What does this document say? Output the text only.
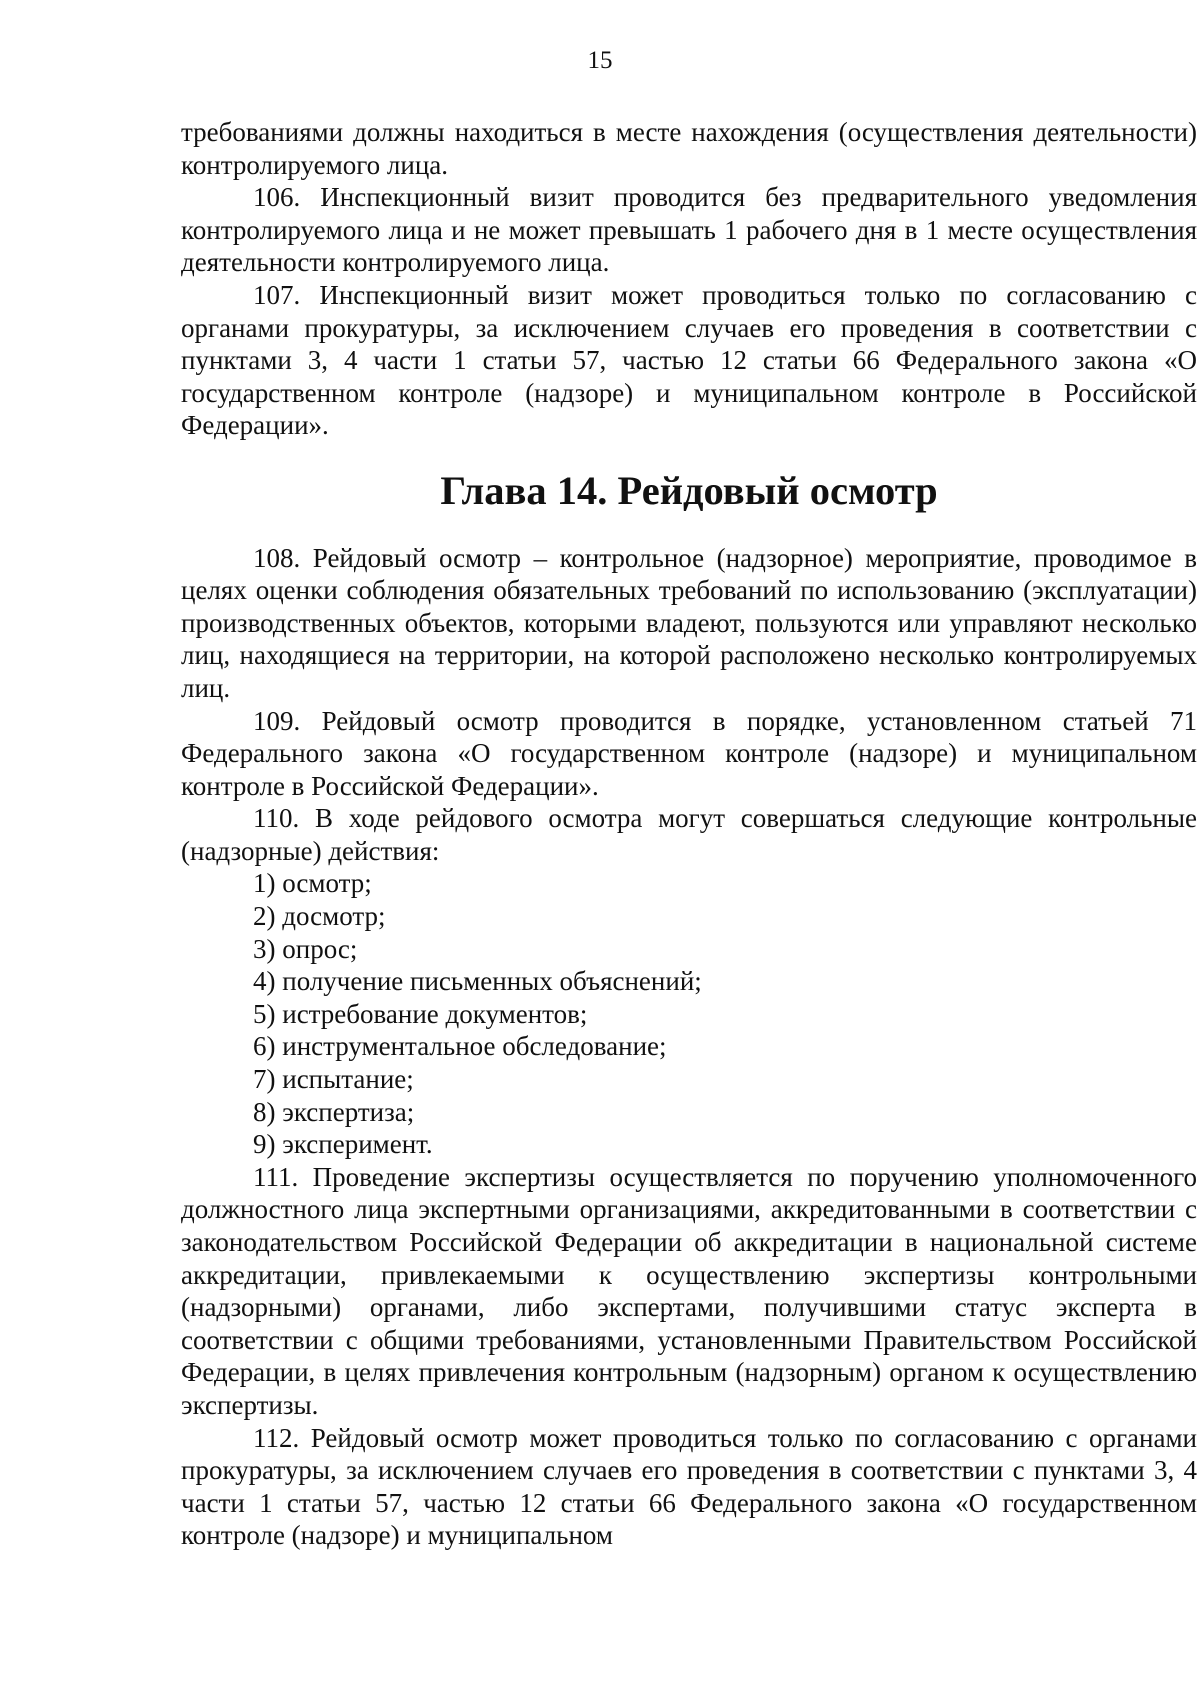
15

требованиями должны находиться в месте нахождения (осуществления деятельности) контролируемого лица.

106. Инспекционный визит проводится без предварительного уведомления контролируемого лица и не может превышать 1 рабочего дня в 1 месте осуществления деятельности контролируемого лица.

107. Инспекционный визит может проводиться только по согласованию с органами прокуратуры, за исключением случаев его проведения в соответствии с пунктами 3, 4 части 1 статьи 57, частью 12 статьи 66 Федерального закона «О государственном контроле (надзоре) и муниципальном контроле в Российской Федерации».

Глава 14. Рейдовый осмотр

108. Рейдовый осмотр – контрольное (надзорное) мероприятие, проводимое в целях оценки соблюдения обязательных требований по использованию (эксплуатации) производственных объектов, которыми владеют, пользуются или управляют несколько лиц, находящиеся на территории, на которой расположено несколько контролируемых лиц.

109. Рейдовый осмотр проводится в порядке, установленном статьей 71 Федерального закона «О государственном контроле (надзоре) и муниципальном контроле в Российской Федерации».

110. В ходе рейдового осмотра могут совершаться следующие контрольные (надзорные) действия:

1) осмотр;

2) досмотр;

3) опрос;

4) получение письменных объяснений;

5) истребование документов;

6) инструментальное обследование;

7) испытание;

8) экспертиза;

9) эксперимент.

111. Проведение экспертизы осуществляется по поручению уполномоченного должностного лица экспертными организациями, аккредитованными в соответствии с законодательством Российской Федерации об аккредитации в национальной системе аккредитации, привлекаемыми к осуществлению экспертизы контрольными (надзорными) органами, либо экспертами, получившими статус эксперта в соответствии с общими требованиями, установленными Правительством Российской Федерации, в целях привлечения контрольным (надзорным) органом к осуществлению экспертизы.

112. Рейдовый осмотр может проводиться только по согласованию с органами прокуратуры, за исключением случаев его проведения в соответствии с пунктами 3, 4 части 1 статьи 57, частью 12 статьи 66 Федерального закона «О государственном контроле (надзоре) и муниципальном
